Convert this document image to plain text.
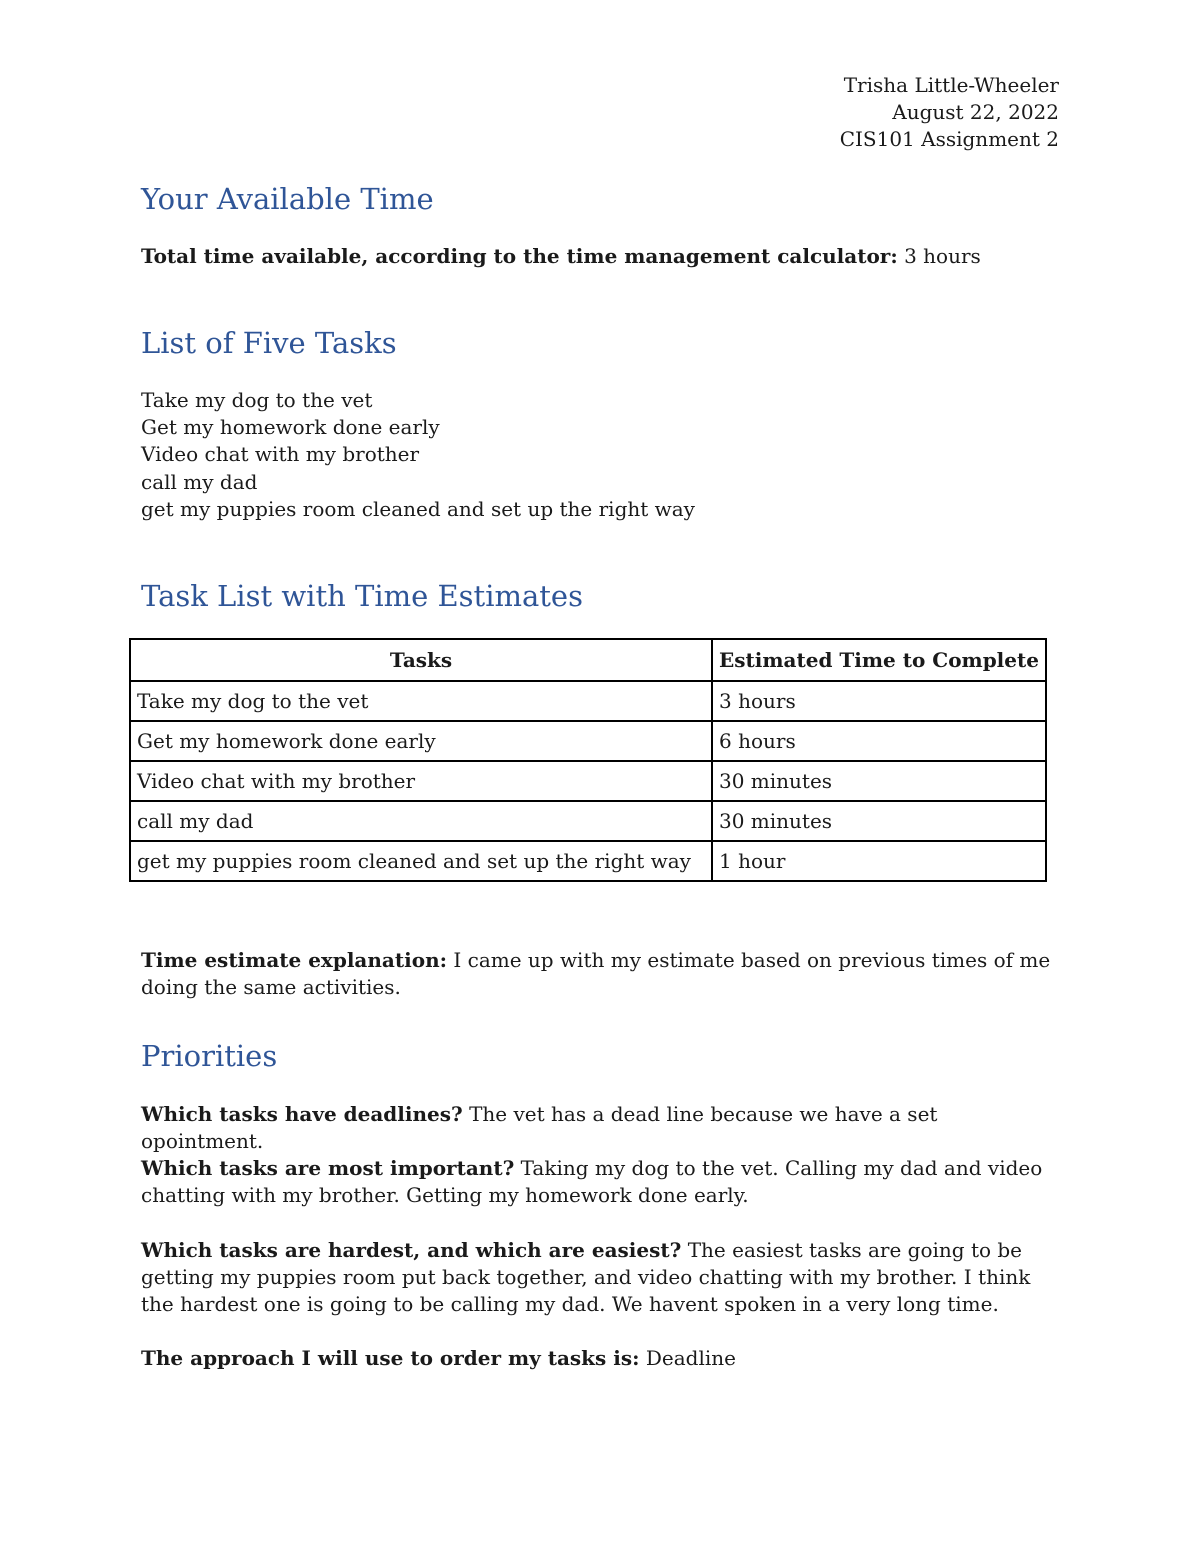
Trisha Little-Wheeler
August 22, 2022
CIS101 Assignment 2
Your Available Time

Total time available, according to the time management calculator: 3 hours

List of Five Tasks
Take my dog to the vet
Get my homework done early
Video chat with my brother
call my dad
get my puppies room cleaned and set up the right way
Task List with Time Estimates
Tasks	Estimated Time to Complete
Take my dog to the vet	3 hours
Get my homework done early	6 hours
Video chat with my brother	30 minutes
call my dad	30 minutes
get my puppies room cleaned and set up the right way	1 hour

Time estimate explanation: I came up with my estimate based on previous times of me doing the same activities.

Priorities

Which tasks have deadlines? The vet has a dead line because we have a set opointment.

Which tasks are most important? Taking my dog to the vet. Calling my dad and video chatting with my brother. Getting my homework done early.

Which tasks are hardest, and which are easiest? The easiest tasks are going to be getting my puppies room put back together, and video chatting with my brother. I think the hardest one is going to be calling my dad. We havent spoken in a very long time.

The approach I will use to order my tasks is: Deadline
